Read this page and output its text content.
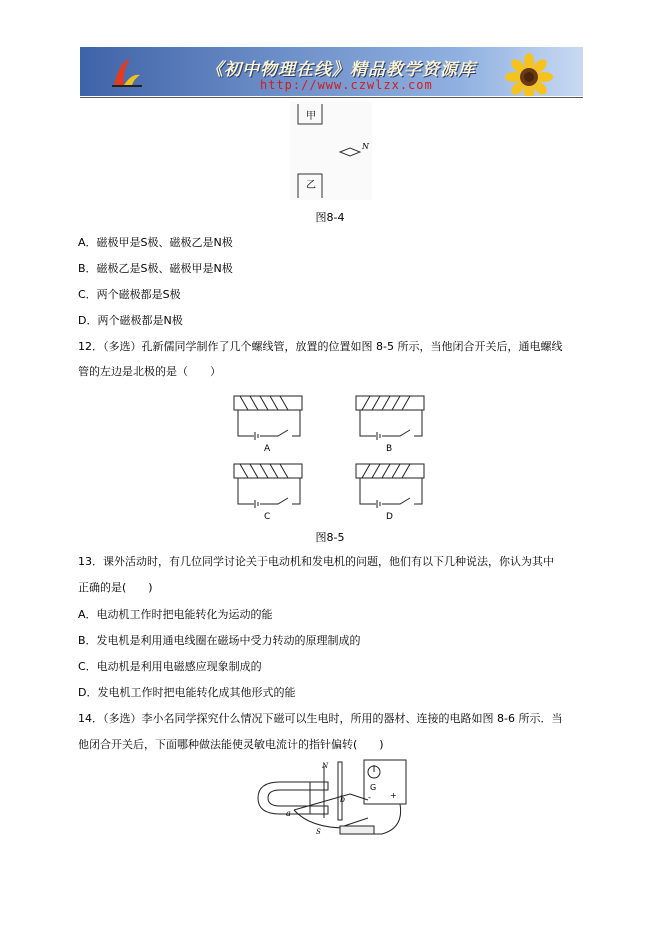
《初中物理在线》精品教学资源库
http://www.czwlzx.com
甲
乙
N
图8-4
A．磁极甲是S极、磁极乙是N极
B．磁极乙是S极、磁极甲是N极
C．两个磁极都是S极
D．两个磁极都是N极
12．（多选）孔新儒同学制作了几个螺线管，放置的位置如图 8-5 所示，当他闭合开关后，通电螺线
管的左边是北极的是（　　）
A	B
C	D
图8-5
13．课外活动时，有几位同学讨论关于电动机和发电机的问题，他们有以下几种说法，你认为其中
正确的是(　　)
A．电动机工作时把电能转化为运动的能
B．发电机是利用通电线圈在磁场中受力转动的原理制成的
C．电动机是利用电磁感应现象制成的
D．发电机工作时把电能转化成其他形式的能
14．（多选）李小名同学探究什么情况下磁可以生电时，所用的器材、连接的电路如图 8-6 所示．当
他闭合开关后，下面哪种做法能使灵敏电流计的指针偏转(　　)
N
a
b
S
G
- +
